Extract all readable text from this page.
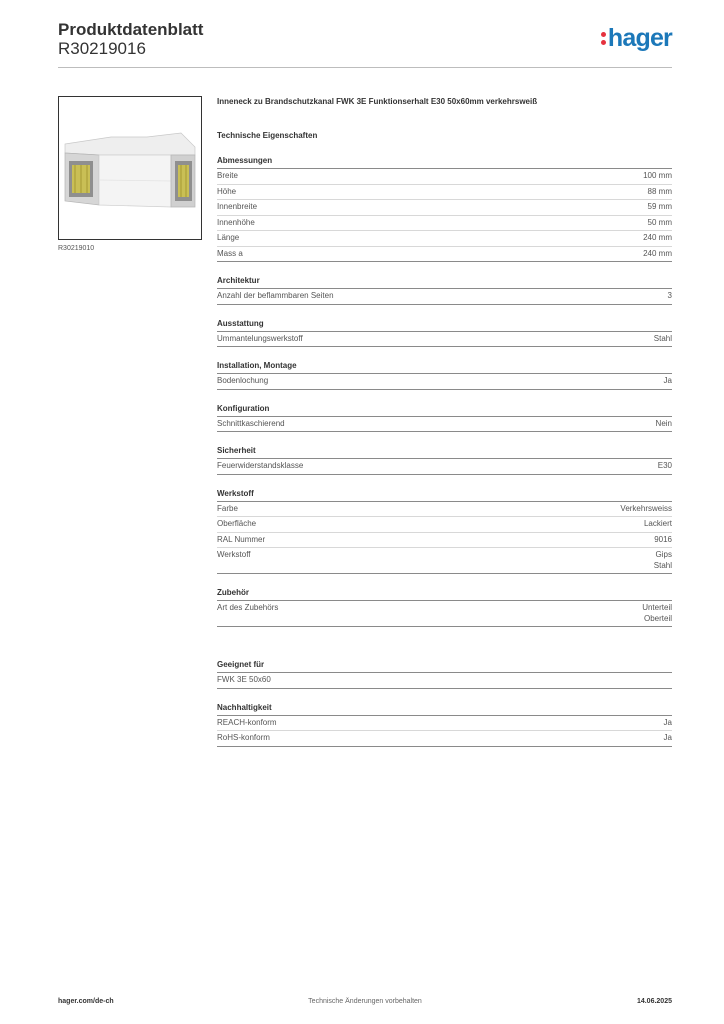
Produktdatenblatt
R30219016	hager
R30219010
Inneneck zu Brandschutzkanal FWK 3E Funktionserhalt E30 50x60mm verkehrsweiß
Technische Eigenschaften
Abmessungen
Breite	100 mm
Höhe	88 mm
Innenbreite	59 mm
Innenhöhe	50 mm
Länge	240 mm
Mass a	240 mm
Architektur
Anzahl der beflammbaren Seiten	3
Ausstattung
Ummantelungswerkstoff	Stahl
Installation, Montage
Bodenlochung	Ja
Konfiguration
Schnittkaschierend	Nein
Sicherheit
Feuerwiderstandsklasse	E30
Werkstoff
Farbe	Verkehrsweiss
Oberfläche	Lackiert
RAL Nummer	9016
Werkstoff	Gips
Stahl
Zubehör
Art des Zubehörs	Unterteil
Oberteil
Geeignet für
FWK 3E 50x60
Nachhaltigkeit
REACH-konform	Ja
RoHS-konform	Ja
hager.com/de-ch	Technische Änderungen vorbehalten	14.06.2025
